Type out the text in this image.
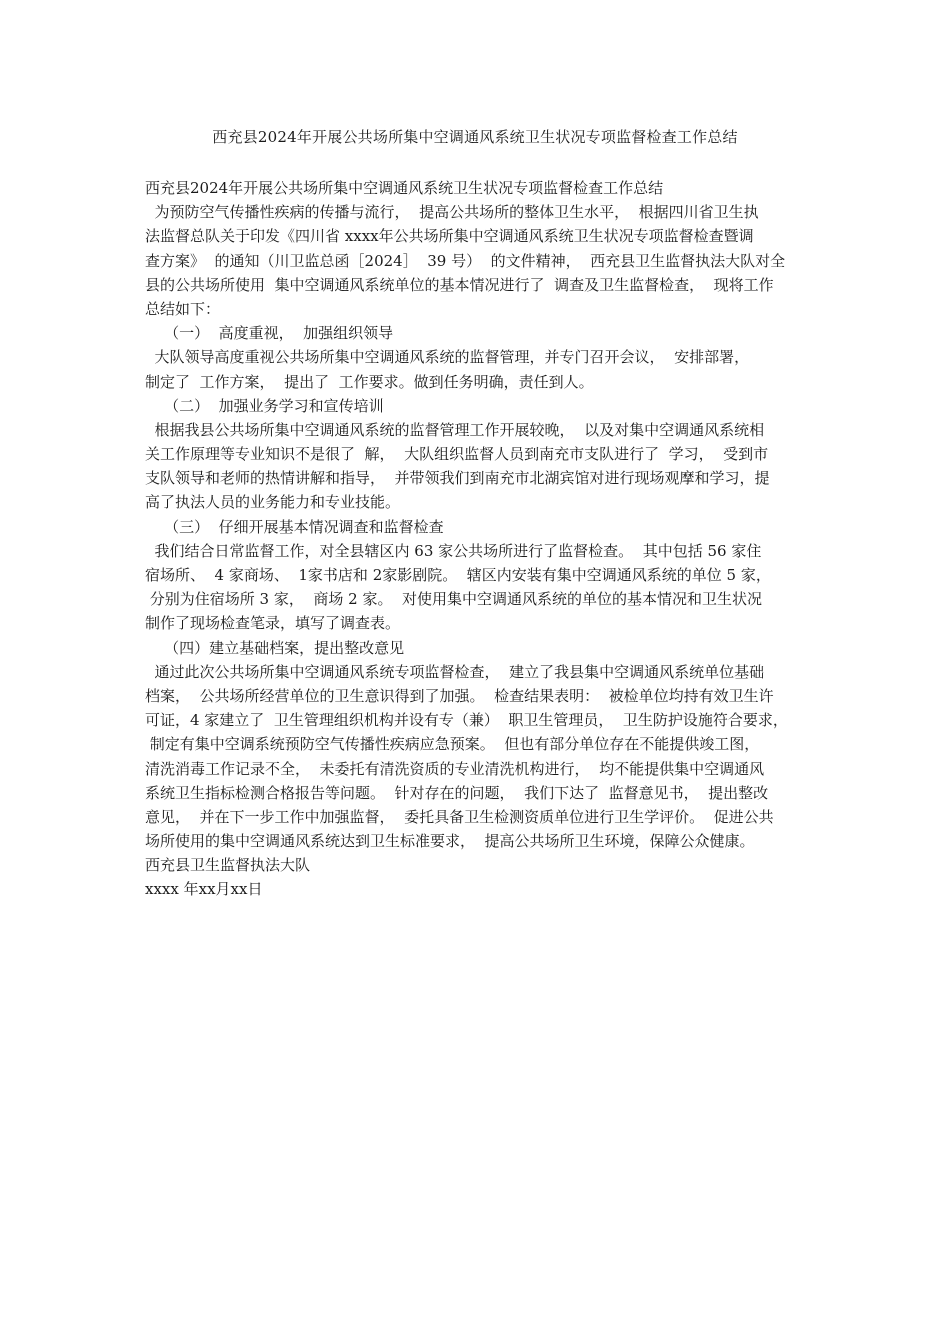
西充县2024年开展公共场所集中空调通风系统卫生状况专项监督检查工作总结
西充县2024年开展公共场所集中空调通风系统卫生状况专项监督检查工作总结
为预防空气传播性疾病的传播与流行，  提高公共场所的整体卫生水平，  根据四川省卫生执
法监督总队关于印发《四川省 xxxx年公共场所集中空调通风系统卫生状况专项监督检查暨调
查方案》  的通知（川卫监总函［2024］  39 号）  的文件精神，  西充县卫生监督执法大队对全
县的公共场所使用  集中空调通风系统单位的基本情况进行了  调查及卫生监督检查，  现将工作
总结如下：
（一）  高度重视，  加强组织领导
大队领导高度重视公共场所集中空调通风系统的监督管理，并专门召开会议，  安排部署，
制定了  工作方案，  提出了  工作要求。做到任务明确，责任到人。
（二）  加强业务学习和宣传培训
根据我县公共场所集中空调通风系统的监督管理工作开展较晚，  以及对集中空调通风系统相
关工作原理等专业知识不是很了  解，  大队组织监督人员到南充市支队进行了  学习，  受到市
支队领导和老师的热情讲解和指导，  并带领我们到南充市北湖宾馆对进行现场观摩和学习，提
高了执法人员的业务能力和专业技能。
（三）  仔细开展基本情况调查和监督检查
我们结合日常监督工作，对全县辖区内 63 家公共场所进行了监督检查。  其中包括 56 家住
宿场所、  4 家商场、  1家书店和 2家影剧院。  辖区内安装有集中空调通风系统的单位 5 家，
分别为住宿场所 3 家，  商场 2 家。  对使用集中空调通风系统的单位的基本情况和卫生状况
制作了现场检查笔录，填写了调查表。
（四）建立基础档案，提出整改意见
通过此次公共场所集中空调通风系统专项监督检查，  建立了我县集中空调通风系统单位基础
档案，  公共场所经营单位的卫生意识得到了加强。  检查结果表明：  被检单位均持有效卫生许
可证，4 家建立了  卫生管理组织机构并设有专（兼）  职卫生管理员，  卫生防护设施符合要求，
制定有集中空调系统预防空气传播性疾病应急预案。  但也有部分单位存在不能提供竣工图，
清洗消毒工作记录不全，  未委托有清洗资质的专业清洗机构进行，  均不能提供集中空调通风
系统卫生指标检测合格报告等问题。  针对存在的问题，  我们下达了  监督意见书，  提出整改
意见，  并在下一步工作中加强监督，  委托具备卫生检测资质单位进行卫生学评价。  促进公共
场所使用的集中空调通风系统达到卫生标准要求，  提高公共场所卫生环境，保障公众健康。
西充县卫生监督执法大队
xxxx 年xx月xx日
